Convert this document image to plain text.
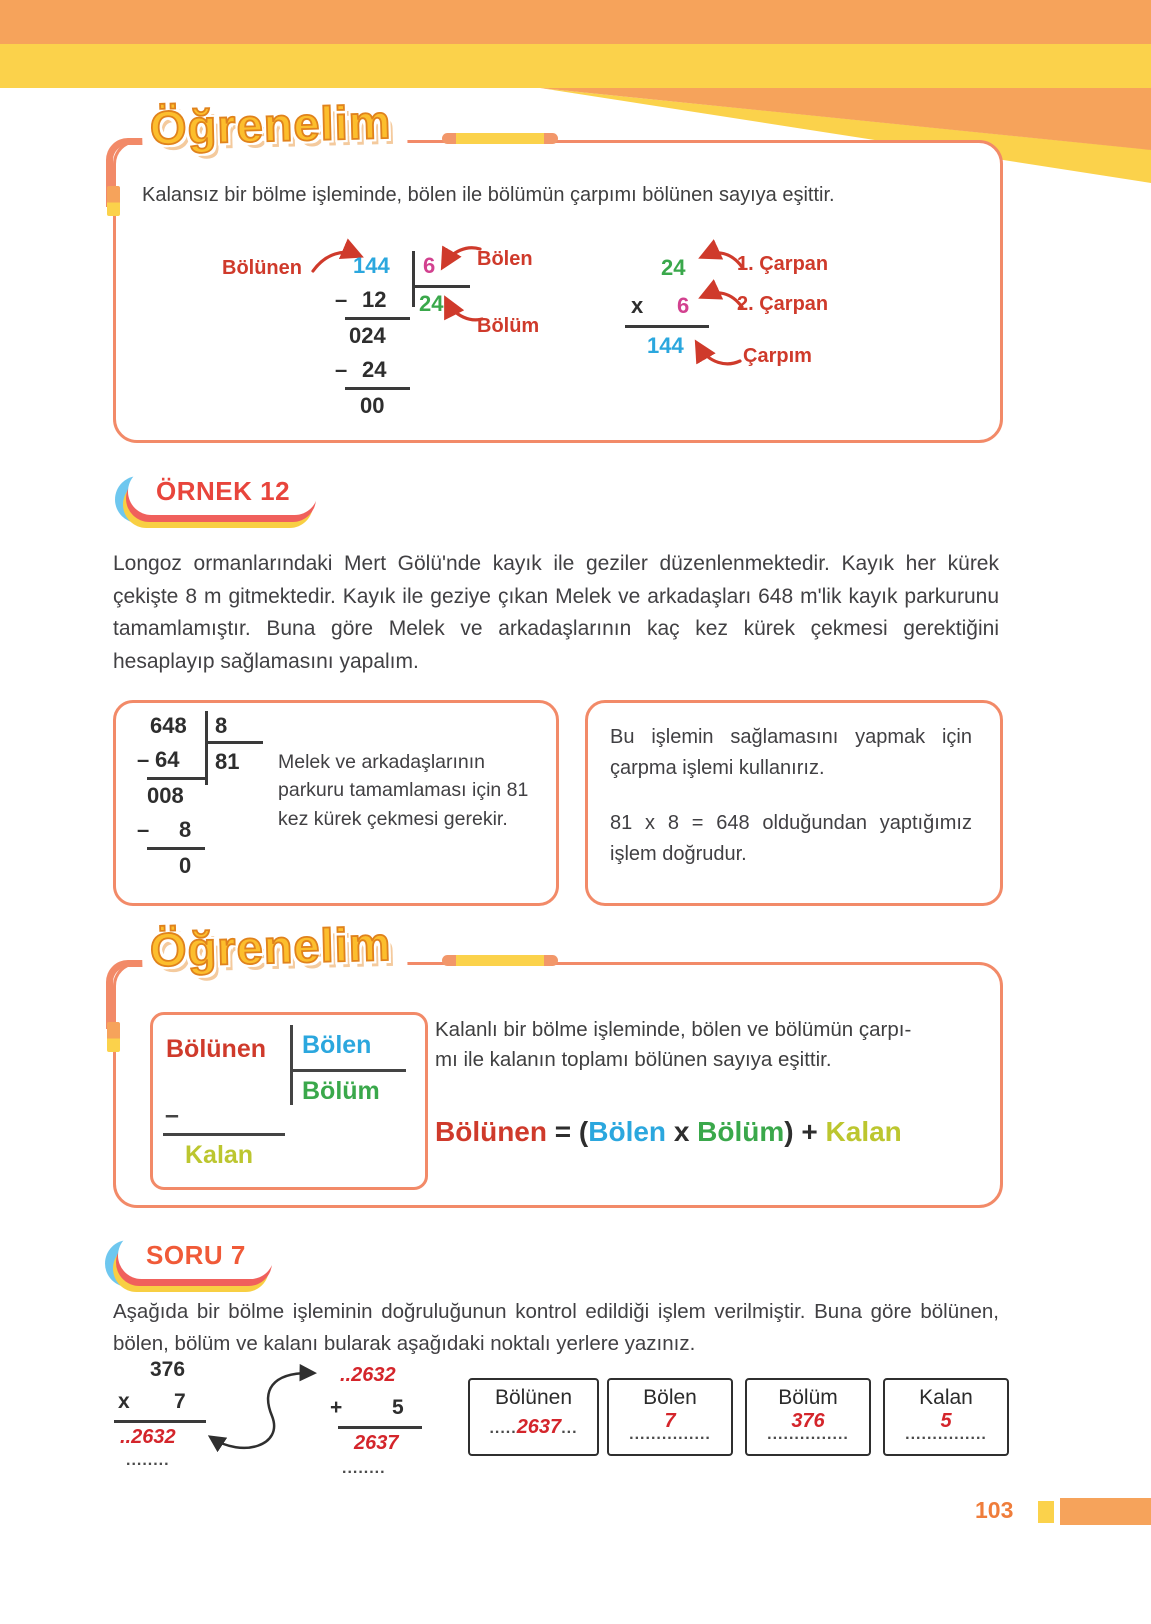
Öğrenelim
Kalansız bir bölme işleminde, bölen ile bölümün çarpımı bölünen sayıya eşittir.
Bölünen 144 6
24
Bölen
Bölüm
– 12
024
– 24
00
24	1. Çarpan
x 6 2. Çarpan
144	Çarpım
ÖRNEK 12
Longoz ormanlarındaki Mert Gölü'nde kayık ile geziler düzenlenmektedir. Kayık her kürek çekişte 8 m gitmektedir. Kayık ile geziye çıkan Melek ve arkadaşları 648 m'lik kayık parkurunu tamamlamıştır. Buna göre Melek ve arkadaşlarının kaç kez kürek çekmesi gerektiğini hesaplayıp sağlamasını yapalım.
648 8
– 64 81
008
– 8
0
Melek ve arkadaşlarının parkuru tamamlaması için 81 kez kürek çekmesi gerekir.
Bu işlemin sağlamasını yapmak için çarpma işlemi kullanırız.
81 x 8 = 648 olduğundan yaptığımız işlem doğrudur.
Öğrenelim
Bölünen Bölen
Bölüm
–
Kalan
Kalanlı bir bölme işleminde, bölen ve bölümün çarpı-
mı ile kalanın toplamı bölünen sayıya eşittir.
Bölünen = (Bölen x Bölüm) + Kalan
SORU 7
Aşağıda bir bölme işleminin doğruluğunun kontrol edildiği işlem verilmiştir. Buna göre bölünen, bölen, bölüm ve kalanı bularak aşağıdaki noktalı yerlere yazınız.
376
x 7
..2632
........
..2632
+ 5
2637
........
Bölünen
.....2637...
Bölen
7
...............
Bölüm
376
...............
Kalan
5
...............
103
